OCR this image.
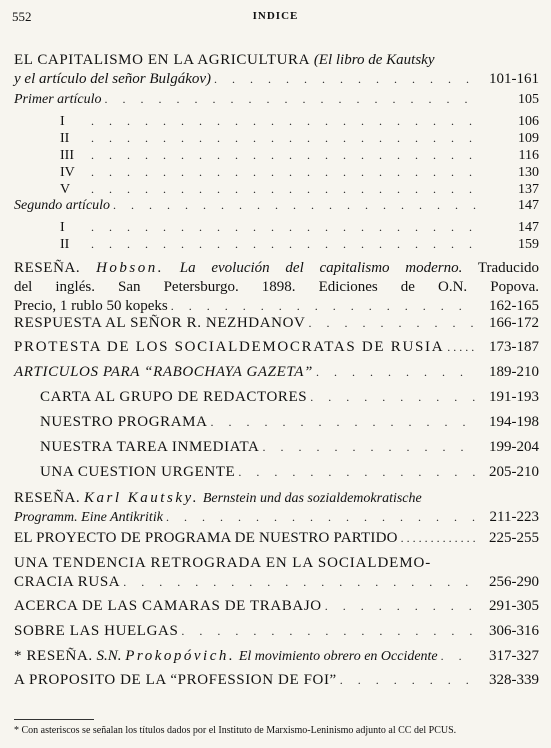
552	INDICE
EL CAPITALISMO EN LA AGRICULTURA (El libro de Kautsky
y el artículo del señor Bulgákov) . . .	101-161
Primer artículo . . .	105
I . . .	106
II . . .	109
III . . .	116
IV . . .	130
V . . .	137
Segundo artículo . . .	147
I . . .	147
II . . .	159
RESEÑA. Hobson. La evolución del capitalismo moderno. Traducido
del inglés. San Petersburgo. 1898. Ediciones de O.N. Popova.
Precio, 1 rublo 50 kopeks . . .	162-165
RESPUESTA AL SEÑOR R. NEZHDANOV . . .	166-172
PROTESTA DE LOS SOCIALDEMOCRATAS DE RUSIA . . .	173-187
ARTICULOS PARA “RABOCHAYA GAZETA” . . .	189-210
CARTA AL GRUPO DE REDACTORES . . .	191-193
NUESTRO PROGRAMA . . .	194-198
NUESTRA TAREA INMEDIATA . . .	199-204
UNA CUESTION URGENTE . . .	205-210
RESEÑA. Karl Kautsky. Bernstein und das sozialdemokratische
Programm. Eine Antikritik . . .	211-223
EL PROYECTO DE PROGRAMA DE NUESTRO PARTIDO . . .	225-255
UNA TENDENCIA RETROGRADA EN LA SOCIALDEMO-
CRACIA RUSA . . .	256-290
ACERCA DE LAS CAMARAS DE TRABAJO . . .	291-305
SOBRE LAS HUELGAS . . .	306-316
* RESEÑA. S.N. Prokopóvich. El movimiento obrero en Occidente . . .	317-327
A PROPOSITO DE LA “PROFESSION DE FOI” . . .	328-339
* Con asteriscos se señalan los títulos dados por el Instituto de Marxismo-Leninismo adjunto al CC del PCUS.
